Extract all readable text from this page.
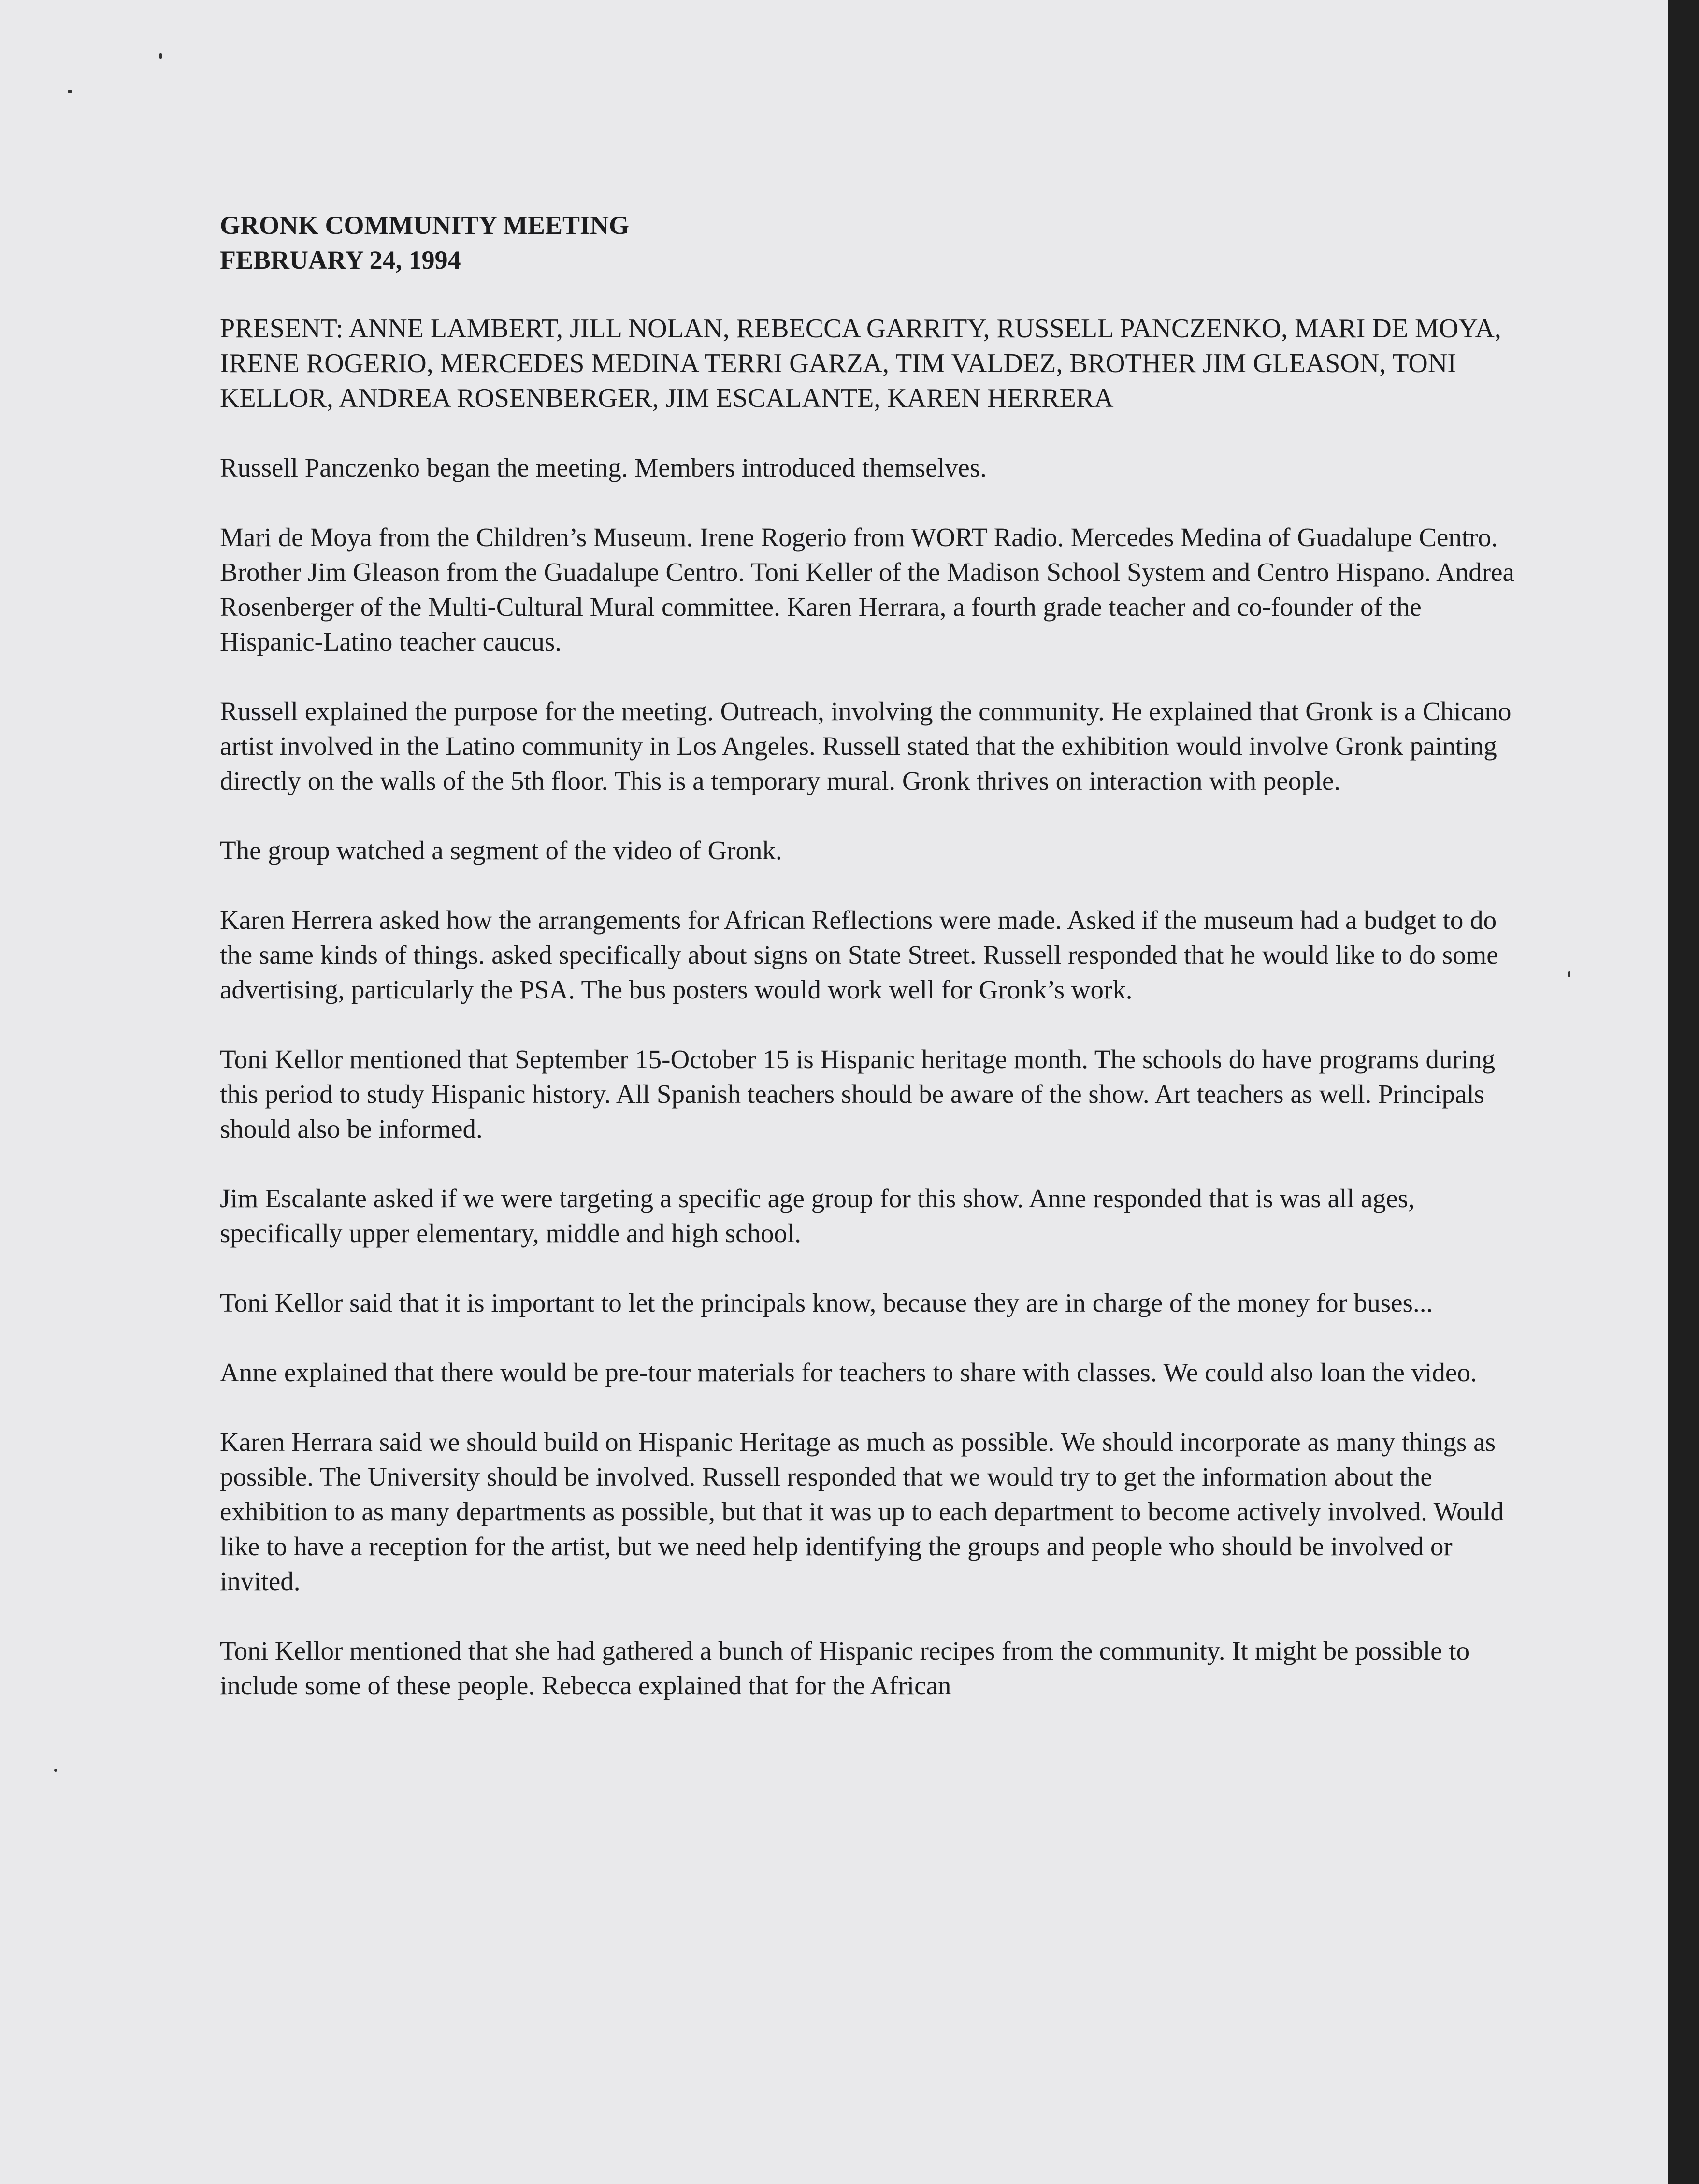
GRONK COMMUNITY MEETING
FEBRUARY 24, 1994
PRESENT: ANNE LAMBERT, JILL NOLAN, REBECCA GARRITY, RUSSELL PANCZENKO, MARI DE MOYA, IRENE ROGERIO, MERCEDES MEDINA TERRI GARZA, TIM VALDEZ, BROTHER JIM GLEASON, TONI KELLOR, ANDREA ROSENBERGER, JIM ESCALANTE, KAREN HERRERA

Russell Panczenko began the meeting. Members introduced themselves.

Mari de Moya from the Children’s Museum. Irene Rogerio from WORT Radio. Mercedes Medina of Guadalupe Centro. Brother Jim Gleason from the Guadalupe Centro. Toni Keller of the Madison School System and Centro Hispano. Andrea Rosenberger of the Multi-Cultural Mural committee. Karen Herrara, a fourth grade teacher and co-founder of the Hispanic-Latino teacher caucus.

Russell explained the purpose for the meeting. Outreach, involving the community. He explained that Gronk is a Chicano artist involved in the Latino community in Los Angeles. Russell stated that the exhibition would involve Gronk painting directly on the walls of the 5th floor. This is a temporary mural. Gronk thrives on interaction with people.

The group watched a segment of the video of Gronk.

Karen Herrera asked how the arrangements for African Reflections were made. Asked if the museum had a budget to do the same kinds of things. asked specifically about signs on State Street. Russell responded that he would like to do some advertising, particularly the PSA. The bus posters would work well for Gronk’s work.

Toni Kellor mentioned that September 15-October 15 is Hispanic heritage month. The schools do have programs during this period to study Hispanic history. All Spanish teachers should be aware of the show. Art teachers as well. Principals should also be informed.

Jim Escalante asked if we were targeting a specific age group for this show. Anne responded that is was all ages, specifically upper elementary, middle and high school.

Toni Kellor said that it is important to let the principals know, because they are in charge of the money for buses...

Anne explained that there would be pre-tour materials for teachers to share with classes. We could also loan the video.

Karen Herrara said we should build on Hispanic Heritage as much as possible. We should incorporate as many things as possible. The University should be involved. Russell responded that we would try to get the information about the exhibition to as many departments as possible, but that it was up to each department to become actively involved. Would like to have a reception for the artist, but we need help identifying the groups and people who should be involved or invited.

Toni Kellor mentioned that she had gathered a bunch of Hispanic recipes from the community. It might be possible to include some of these people. Rebecca explained that for the African
